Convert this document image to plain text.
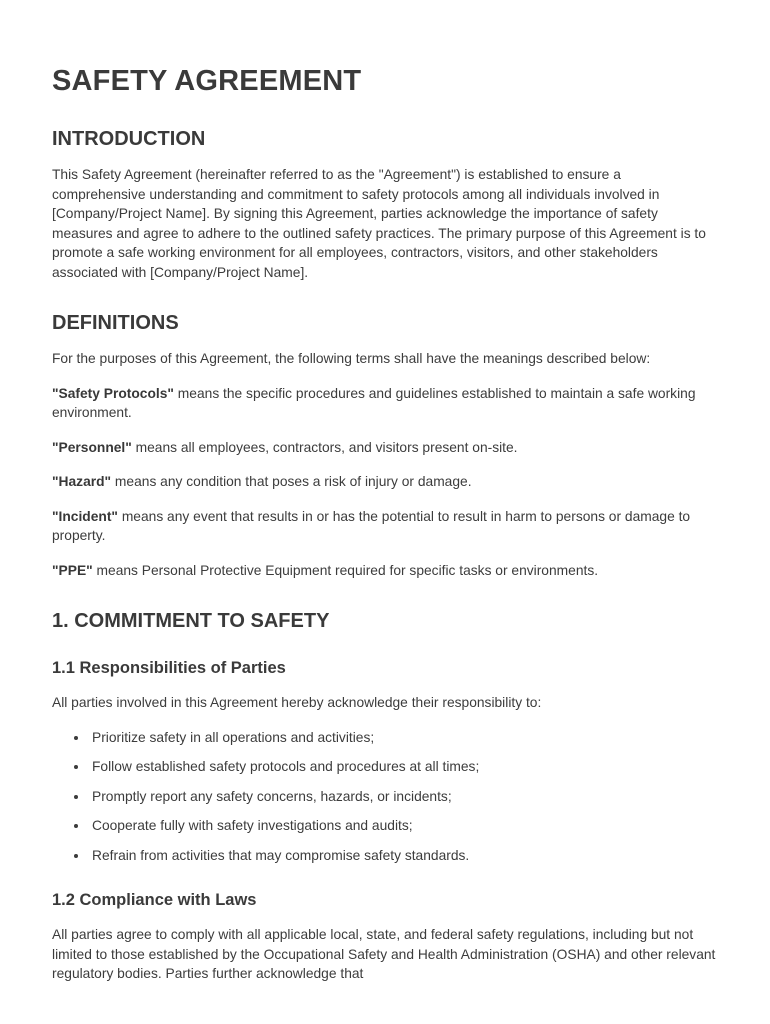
SAFETY AGREEMENT
INTRODUCTION

This Safety Agreement (hereinafter referred to as the "Agreement") is established to ensure a comprehensive understanding and commitment to safety protocols among all individuals involved in [Company/Project Name]. By signing this Agreement, parties acknowledge the importance of safety measures and agree to adhere to the outlined safety practices. The primary purpose of this Agreement is to promote a safe working environment for all employees, contractors, visitors, and other stakeholders associated with [Company/Project Name].

DEFINITIONS

For the purposes of this Agreement, the following terms shall have the meanings described below:

"Safety Protocols" means the specific procedures and guidelines established to maintain a safe working environment.

"Personnel" means all employees, contractors, and visitors present on-site.

"Hazard" means any condition that poses a risk of injury or damage.

"Incident" means any event that results in or has the potential to result in harm to persons or damage to property.

"PPE" means Personal Protective Equipment required for specific tasks or environments.

1. COMMITMENT TO SAFETY
1.1 Responsibilities of Parties

All parties involved in this Agreement hereby acknowledge their responsibility to:

• Prioritize safety in all operations and activities;
• Follow established safety protocols and procedures at all times;
• Promptly report any safety concerns, hazards, or incidents;
• Cooperate fully with safety investigations and audits;
• Refrain from activities that may compromise safety standards.
1.2 Compliance with Laws

All parties agree to comply with all applicable local, state, and federal safety regulations, including but not limited to those established by the Occupational Safety and Health Administration (OSHA) and other relevant regulatory bodies. Parties further acknowledge that
